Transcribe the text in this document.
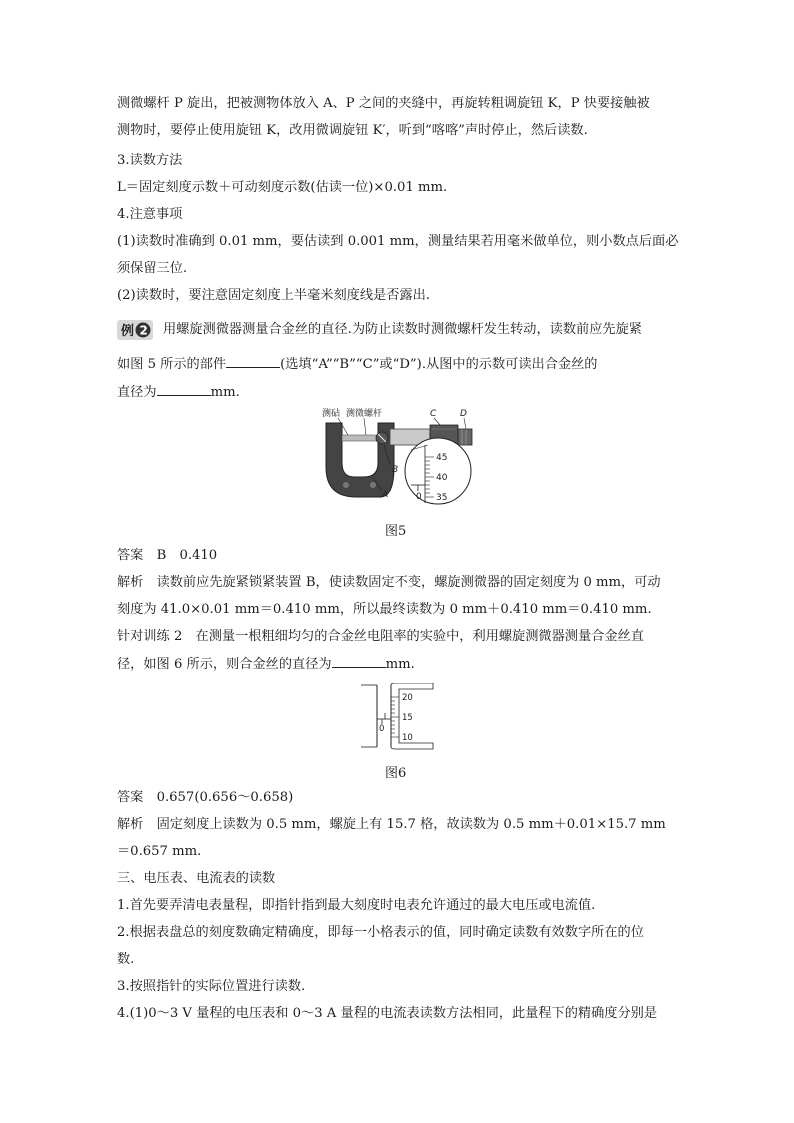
测微螺杆 P 旋出，把被测物体放入 A、P 之间的夹缝中，再旋转粗调旋钮 K，P 快要接触被
测物时，要停止使用旋钮 K，改用微调旋钮 K′，听到“喀喀”声时停止，然后读数.
3.读数方法
L＝固定刻度示数＋可动刻度示数(估读一位)×0.01 mm.
4.注意事项
(1)读数时准确到 0.01 mm，要估读到 0.001 mm，测量结果若用毫米做单位，则小数点后面必
须保留三位.
(2)读数时，要注意固定刻度上半毫米刻度线是否露出.
例 2 用螺旋测微器测量合金丝的直径.为防止读数时测微螺杆发生转动，读数前应先旋紧
如图 5 所示的部件	(选填“A”“B”“C”或“D”).从图中的示数可读出合金丝的
直径为	mm.
测砧 测微螺杆	C	D
B
A
45
40
0 35
图5
答案　 B　0.410
解析　 读数前应先旋紧锁紧装置 B，使读数固定不变，螺旋测微器的固定刻度为 0 mm，可动
刻度为 41.0×0.01 mm＝0.410 mm，所以最终读数为 0 mm＋0.410 mm＝0.410 mm.
针对训练 2　在测量一根粗细均匀的合金丝电阻率的实验中，利用螺旋测微器测量合金丝直
径，如图 6 所示，则合金丝的直径为	mm.
20
15
0
10
图6
答案　 0.657(0.656～0.658)
解析　 固定刻度上读数为 0.5 mm，螺旋上有 15.7 格，故读数为 0.5 mm＋0.01×15.7 mm
＝0.657 mm.
三、电压表、电流表的读数
1.首先要弄清电表量程，即指针指到最大刻度时电表允许通过的最大电压或电流值.
2.根据表盘总的刻度数确定精确度，即每一小格表示的值，同时确定读数有效数字所在的位
数.
3.按照指针的实际位置进行读数.
4.(1)0～3 V 量程的电压表和 0～3 A 量程的电流表读数方法相同，此量程下的精确度分别是
